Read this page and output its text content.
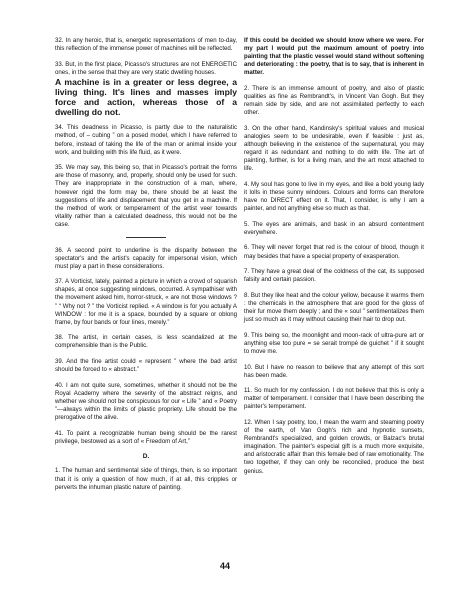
32. In any heroic, that is, energetic representations of men to-day, this reflection of the immense power of machines will be reflected.

33. But, in the first place, Picasso's structures are not ENERGETIC ones, in the sense that they are very static dwelling houses.

A machine is in a greater or less degree, a living thing. It's lines and masses imply force and action, whereas those of a dwelling do not.

34. This deadness in Picasso, is partly due to the naturalistic method, of – cubing ” on a posed model, which I have referred to before, instead of taking the life of the man or animal inside your work, and building with this life fluid, as it were.

35. We may say, this being so, that in Picasso's portrait the forms are those of masonry, and, properly, should only be used for such. They are inappropriate in the construction of a man, where, however rigid the form may be, there should be at least the suggestions of life and displacement that you get in a machine. If the method of work or temperament of the artist veer towards vitality rather than a calculated deadness, this would not be the case.

36. A second point to underline is the disparity between the spectator's and the artist's capacity for impersonal vision, which must play a part in these considerations.

37. A Vorticist, lately, painted a picture in which a crowd of squarish shapes, at once suggesting windows, occurred. A sympathiser with the movement asked him, horror-struck, « are not those windows ? ” “ Why not ? ” the Vorticist replied. « A window is for you actually A WINDOW : for me it is a space, bounded by a square or oblong frame, by four bands or four lines, merely.”

38. The artist, in certain cases, is less scandalized at the comprehensible than is the Public.

39. And the fine artist could « represent ” where the bad artist should be forced to « abstract.”

40. I am not quite sure, sometimes, whether it should not be the Royal Academy where the severity of the abstract reigns, and whether we should not be conspicuous for our « Life ” and « Poetry ”—always within the limits of plastic propriety. Life should be the prerogative of the alive.

41. To paint a recognizable human being should be the rarest privilege, bestowed as a sort of « Freedom of Art,”

D.

1. The human and sentimental side of things, then, is so important that it is only a question of how much, if at all, this cripples or perverts the inhuman plastic nature of painting.

If this could be decided we should know where we were. For my part I would put the maximum amount of poetry into painting that the plastic vessel would stand without softening and deteriorating : the poetry, that is to say, that is inherent in matter.

2. There is an immense amount of poetry, and also of plastic qualities as fine as Rembrandt's, in Vincent Van Gogh. But they remain side by side, and are not assimilated perfectly to each other.

3. On the other hand, Kandinsky's spiritual values and musical analogies seem to be undesirable, even if feasible : just as, although believing in the existence of the supernatural, you may regard it as redundant and nothing to do with life. The art of painting, further, is for a living man, and the art most attached to life.

4. My soul has gone to live in my eyes, and like a bold young lady it lolls in these sunny windows. Colours and forms can therefore have no DIRECT effect on it. That, I consider, is why I am a painter, and not anything else so much as that.

5. The eyes are animals, and bask in an absurd contentment everywhere.

6. They will never forget that red is the colour of blood, though it may besides that have a special property of exasperation.

7. They have a great deal of the coldness of the cat, its supposed falsity and certain passion.

8. But they like heat and the colour yellow, because it warms them : the chemicals in the atmosphere that are good for the gloss of their fur move them deeply ; and the « soul ” sentimentalizes them just so much as it may without causing their hair to drop out.

9. This being so, the moonlight and moon-rack of ultra-pure art or anything else too pure = se serait trompé de guichet ” if it sought to move me.

10. But I have no reason to believe that any attempt of this sort has been made.

11. So much for my confession. I do not believe that this is only a matter of temperament. I consider that I have been describing the painter's temperament.

12. When I say poetry, too, I mean the warm and steaming poetry of the earth, of Van Gogh's rich and hypnotic sunsets, Rembrandt's specialized, and golden crowds, or Balzac's brutal imagination. The painter's especial gift is a much more exquisite, and aristocratic affair than this female bed of raw emotionality. The two together, if they can only be reconciled, produce the best genius.

44
